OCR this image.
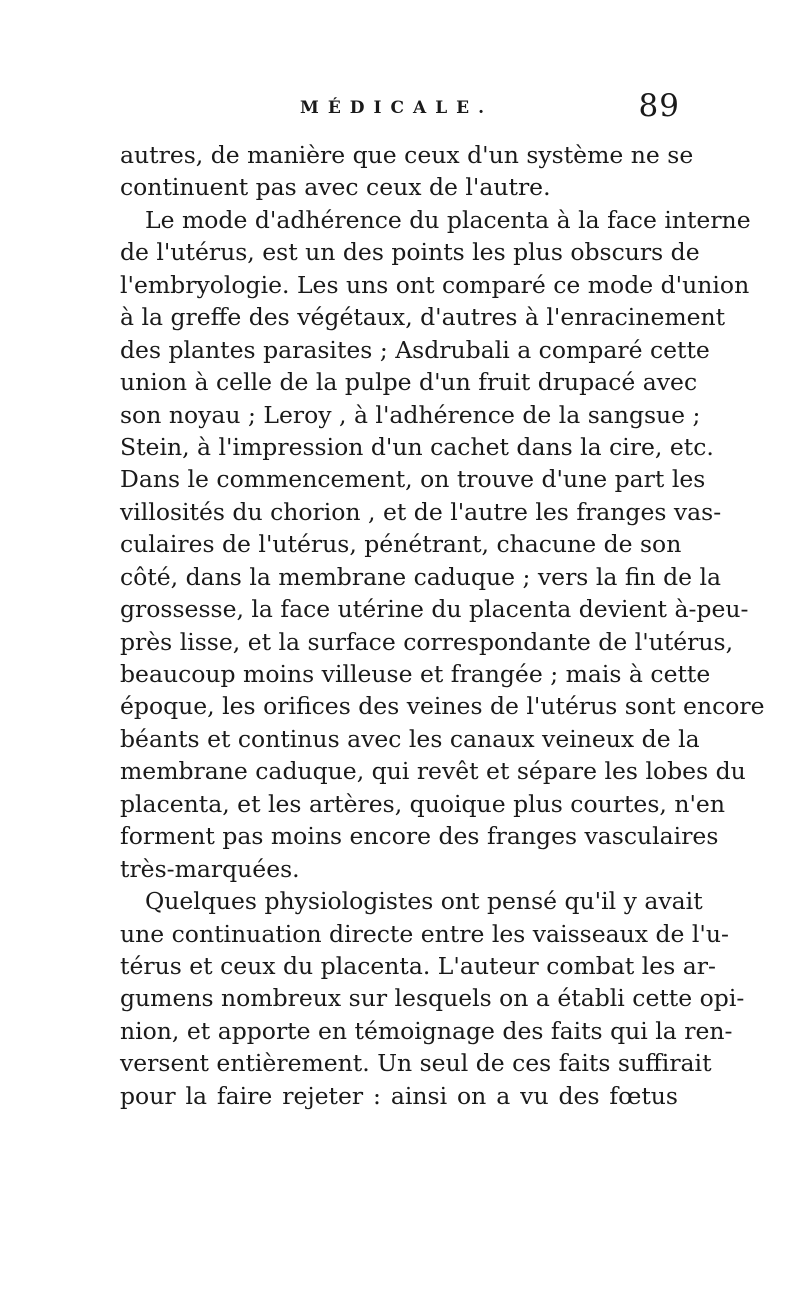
MÉDICALE.	89
autres, de manière que ceux d'un système ne se
continuent pas avec ceux de l'autre.
Le mode d'adhérence du placenta à la face interne
de l'utérus, est un des points les plus obscurs de
l'embryologie. Les uns ont comparé ce mode d'union
à la greffe des végétaux, d'autres à l'enracinement
des plantes parasites ; Asdrubali a comparé cette
union à celle de la pulpe d'un fruit drupacé avec
son noyau ; Leroy , à l'adhérence de la sangsue ;
Stein, à l'impression d'un cachet dans la cire, etc.
Dans le commencement, on trouve d'une part les
villosités du chorion , et de l'autre les franges vas-
culaires de l'utérus, pénétrant, chacune de son
côté, dans la membrane caduque ; vers la fin de la
grossesse, la face utérine du placenta devient à-peu-
près lisse, et la surface correspondante de l'utérus,
beaucoup moins villeuse et frangée ; mais à cette
époque, les orifices des veines de l'utérus sont encore
béants et continus avec les canaux veineux de la
membrane caduque, qui revêt et sépare les lobes du
placenta, et les artères, quoique plus courtes, n'en
forment pas moins encore des franges vasculaires
très-marquées.
Quelques physiologistes ont pensé qu'il y avait
une continuation directe entre les vaisseaux de l'u-
térus et ceux du placenta. L'auteur combat les ar-
gumens nombreux sur lesquels on a établi cette opi-
nion, et apporte en témoignage des faits qui la ren-
versent entièrement. Un seul de ces faits suffirait
pour la faire rejeter : ainsi on a vu des fœtus
